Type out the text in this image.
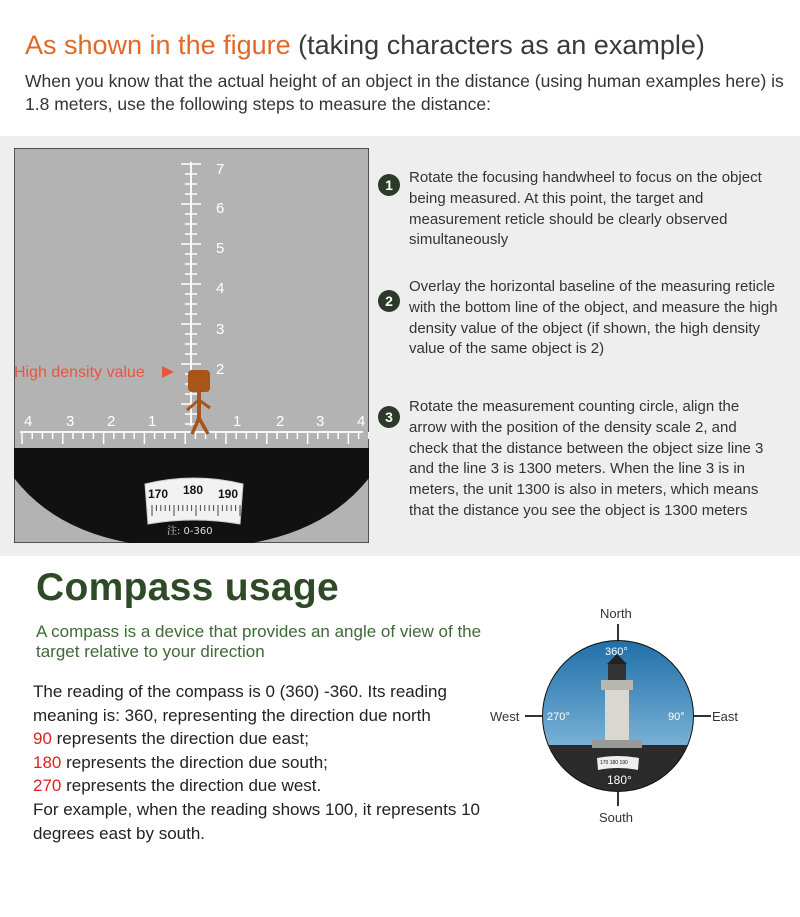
As shown in the figure (taking characters as an example)
When you know that the actual height of an object in the distance (using human examples here) is 1.8 meters, use the following steps to measure the distance:
7
6
5
4
3
2
4 3 2 1	1 2 3 4
High density value
170 180 190
注: 0-360
1	Rotate the focusing handwheel to focus on the object being measured. At this point, the target and measurement reticle should be clearly observed simultaneously
2
Overlay the horizontal baseline of the measuring reticle with the bottom line of the object, and measure the high density value of the object (if shown, the high density value of the same object is 2)
3
Rotate the measurement counting circle, align the arrow with the position of the density scale 2, and check that the distance between the object size line 3 and the line 3 is 1300 meters. When the line 3 is in meters, the unit 1300 is also in meters, which means that the distance you see the object is 1300 meters
Compass usage
A compass is a device that provides an angle of view of the target relative to your direction
The reading of the compass is 0 (360) -360. Its reading meaning is: 360, representing the direction due north
90 represents the direction due east;
180 represents the direction due south;
270 represents the direction due west.
For example, when the reading shows 100, it represents 10 degrees east by south.
North
South
West	East
360°
90°
270°
170 180 190
180°
